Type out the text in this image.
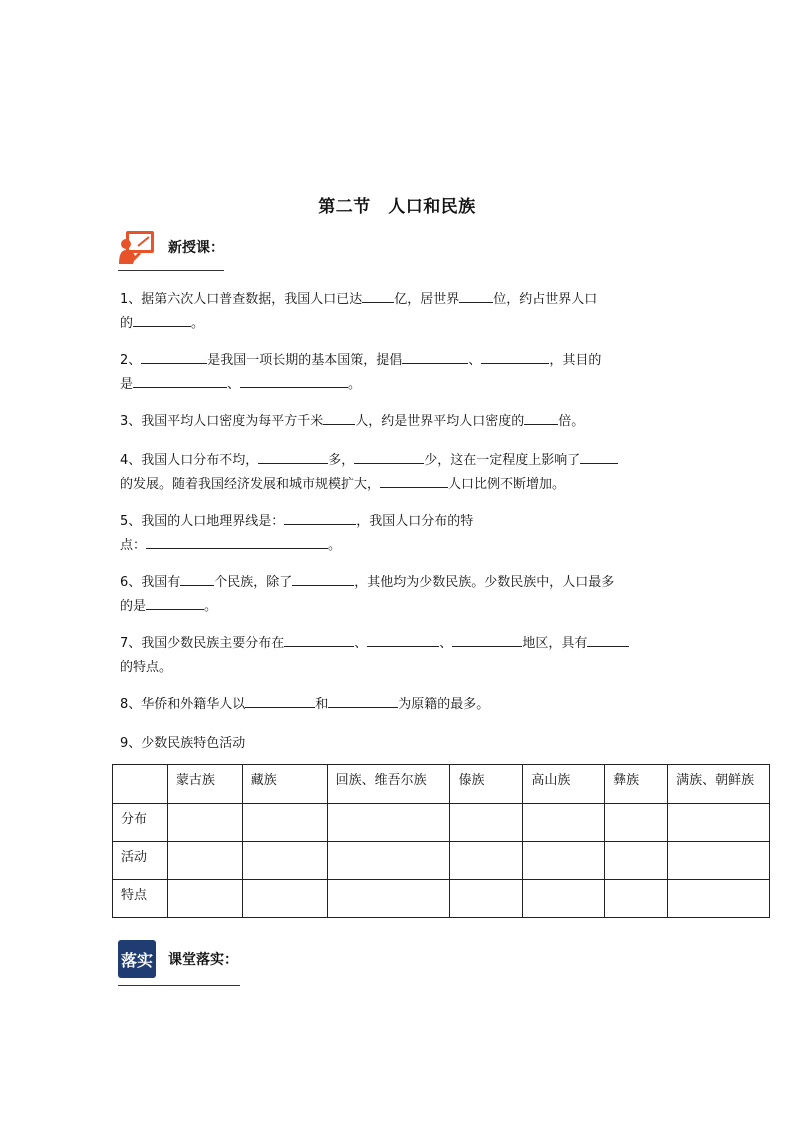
第二节　人口和民族
新授课：
1、据第六次人口普查数据，我国人口已达 亿，居世界	位，约占世界人口
的	。
2、	是我国一项长期的基本国策，提倡	、	，其目的
是	、	。
3、我国平均人口密度为每平方千米 人，约是世界平均人口密度的	倍。
4、我国人口分布不均，	多，	少，这在一定程度上影响了
的发展。随着我国经济发展和城市规模扩大，	人口比例不断增加。
5、我国的人口地理界线是：	，我国人口分布的特
点：	。
6、我国有	个民族，除了	，其他均为少数民族。少数民族中，人口最多
的是	。
7、我国少数民族主要分布在	、	、	地区，具有
的特点。
8、华侨和外籍华人以	和	为原籍的最多。
9、少数民族特色活动
	蒙古族	藏族	回族、维吾尔族	傣族	高山族	彝族	满族、朝鲜族
分布							
活动							
特点							
落实 课堂落实：
